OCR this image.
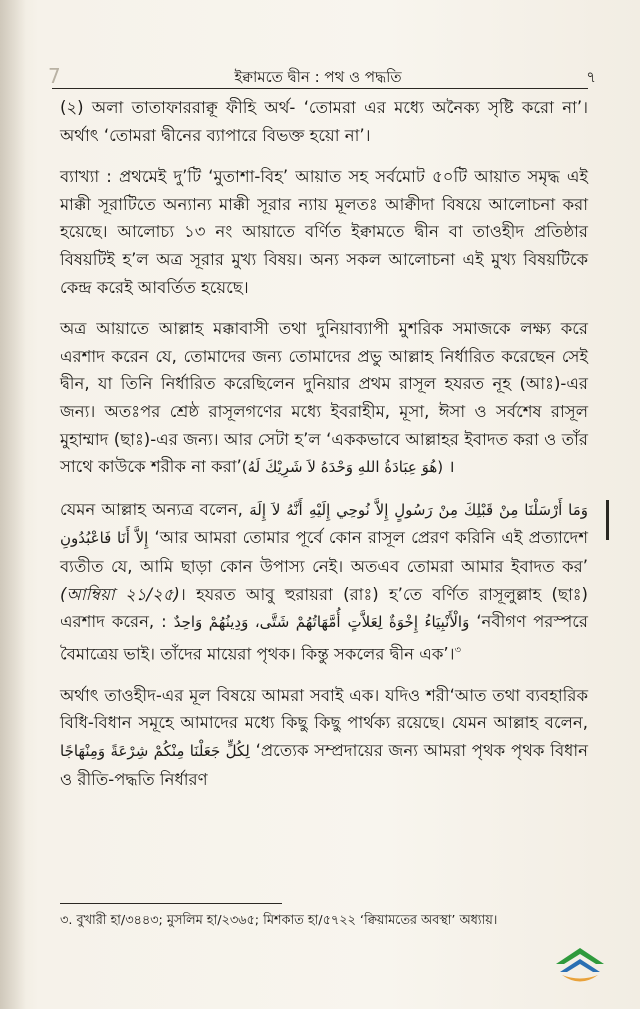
7	ইক্বামতে দ্বীন : পথ ও পদ্ধতি	৭

(২) অলা তাতাফাররাক্বূ ফীহি অর্থ- ‘তোমরা এর মধ্যে অনৈক্য সৃষ্টি করো না’। অর্থাৎ ‘তোমরা দ্বীনের ব্যাপারে বিভক্ত হয়ো না’।

ব্যাখ্যা : প্রথমেই দু’টি ‘মুতাশা-বিহ’ আয়াত সহ সর্বমোট ৫০টি আয়াত সমৃদ্ধ এই মাক্কী সূরাটিতে অন্যান্য মাক্কী সূরার ন্যায় মূলতঃ আক্বীদা বিষয়ে আলোচনা করা হয়েছে। আলোচ্য ১৩ নং আয়াতে বর্ণিত ইক্বামতে দ্বীন বা তাওহীদ প্রতিষ্ঠার বিষয়টিই হ’ল অত্র সূরার মুখ্য বিষয়। অন্য সকল আলোচনা এই মুখ্য বিষয়টিকে কেন্দ্র করেই আবর্তিত হয়েছে।

অত্র আয়াতে আল্লাহ মক্কাবাসী তথা দুনিয়াব্যাপী মুশরিক সমাজকে লক্ষ্য করে এরশাদ করেন যে, তোমাদের জন্য তোমাদের প্রভু আল্লাহ নির্ধারিত করেছেন সেই দ্বীন, যা তিনি নির্ধারিত করেছিলেন দুনিয়ার প্রথম রাসূল হযরত নূহ (আঃ)-এর জন্য। অতঃপর শ্রেষ্ঠ রাসূলগণের মধ্যে ইবরাহীম, মূসা, ঈসা ও সর্বশেষ রাসূল মুহাম্মাদ (ছাঃ)-এর জন্য। আর সেটা হ’ল ‘এককভাবে আল্লাহর ইবাদত করা ও তাঁর সাথে কাউকে শরীক না করা’(هُوَ عِبَادَةُ اللهِ وَحْدَهُ لاَ شَرِيْكَ لَهُ) ।

যেমন আল্লাহ অন্যত্র বলেন,	وَمَا أَرْسَلْنَا مِنْ قَبْلِكَ مِنْ رَسُولٍ إِلاَّ نُوحِي إِلَيْهِ أَنَّهُ لاَ إِلَهَ إِلاَّ أَنَا فَاعْبُدُونِ ‘আর আমরা তোমার পূর্বে কোন রাসূল প্রেরণ করিনি এই প্রত্যাদেশ ব্যতীত যে, আমি ছাড়া কোন উপাস্য নেই। অতএব তোমরা আমার ইবাদত কর’ (আম্বিয়া ২১/২৫)। হযরত আবু হুরায়রা (রাঃ) হ’তে বর্ণিত রাসূলুল্লাহ (ছাঃ) এরশাদ করেন, :	وَالْأَنْبِيَاءُ إِخْوَةٌ لِعَلاَّتٍ أُمَّهَاتُهُمْ شَتَّى، وَدِينُهُمْ وَاحِدٌ	‘নবীগণ পরস্পরে বৈমাত্রেয় ভাই। তাঁদের মায়েরা পৃথক। কিন্তু সকলের দ্বীন এক’।$^৩$

অর্থাৎ তাওহীদ-এর মূল বিষয়ে আমরা সবাই এক। যদিও শরী‘আত তথা ব্যবহারিক বিধি-বিধান সমূহে আমাদের মধ্যে কিছু কিছু পার্থক্য রয়েছে। যেমন আল্লাহ বলেন, لِكُلٍّ جَعَلْنَا مِنْكُمْ شِرْعَةً وَمِنْهَاجًا ‘প্রত্যেক সম্প্রদায়ের জন্য আমরা পৃথক পৃথক বিধান ও রীতি-পদ্ধতি নির্ধারণ

৩. বুখারী হা/৩৪৪৩; মুসলিম হা/২৩৬৫; মিশকাত হা/৫৭২২ ‘ক্বিয়ামতের অবস্থা’ অধ্যায়।
